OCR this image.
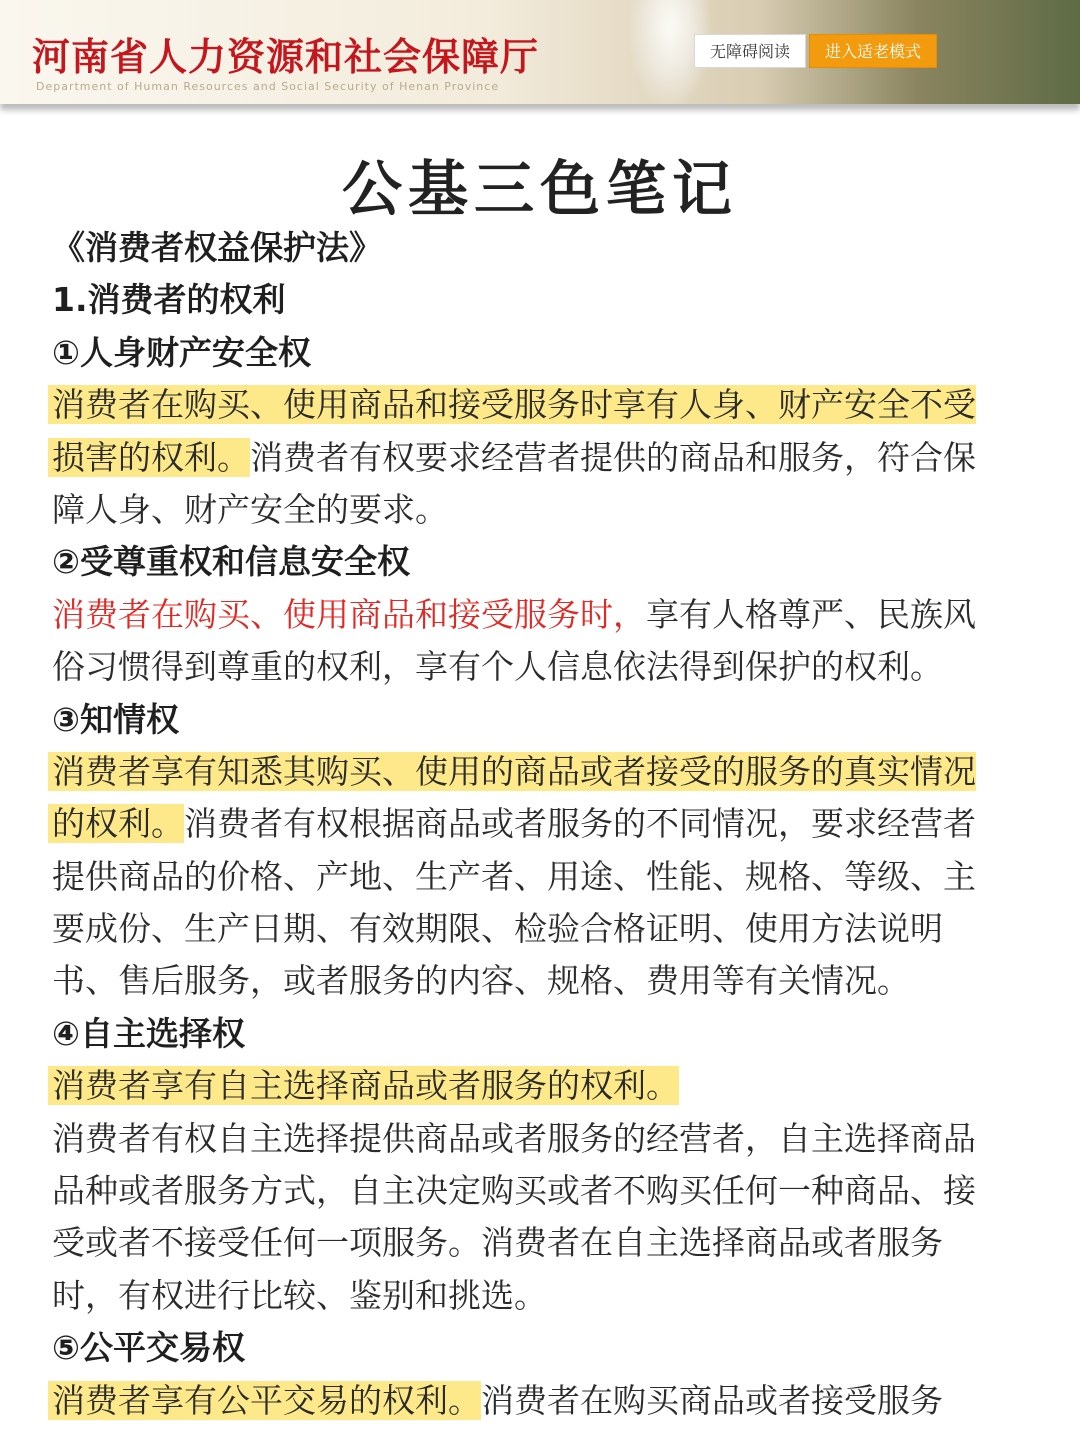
河南省人力资源和社会保障厅
Department of Human Resources and Social Security of Henan Province
无障碍阅读	进入适老模式
公基三色笔记
《消费者权益保护法》
1.消费者的权利
①人身财产安全权
消费者在购买、使用商品和接受服务时享有人身、财产安全不受
损害的权利。消费者有权要求经营者提供的商品和服务，符合保
障人身、财产安全的要求。
②受尊重权和信息安全权
消费者在购买、使用商品和接受服务时，享有人格尊严、民族风
俗习惯得到尊重的权利，享有个人信息依法得到保护的权利。
③知情权
消费者享有知悉其购买、使用的商品或者接受的服务的真实情况
的权利。消费者有权根据商品或者服务的不同情况，要求经营者
提供商品的价格、产地、生产者、用途、性能、规格、等级、主
要成份、生产日期、有效期限、检验合格证明、使用方法说明
书、售后服务，或者服务的内容、规格、费用等有关情况。
④自主选择权
消费者享有自主选择商品或者服务的权利。
消费者有权自主选择提供商品或者服务的经营者，自主选择商品
品种或者服务方式，自主决定购买或者不购买任何一种商品、接
受或者不接受任何一项服务。消费者在自主选择商品或者服务
时，有权进行比较、鉴别和挑选。
⑤公平交易权
消费者享有公平交易的权利。消费者在购买商品或者接受服务
